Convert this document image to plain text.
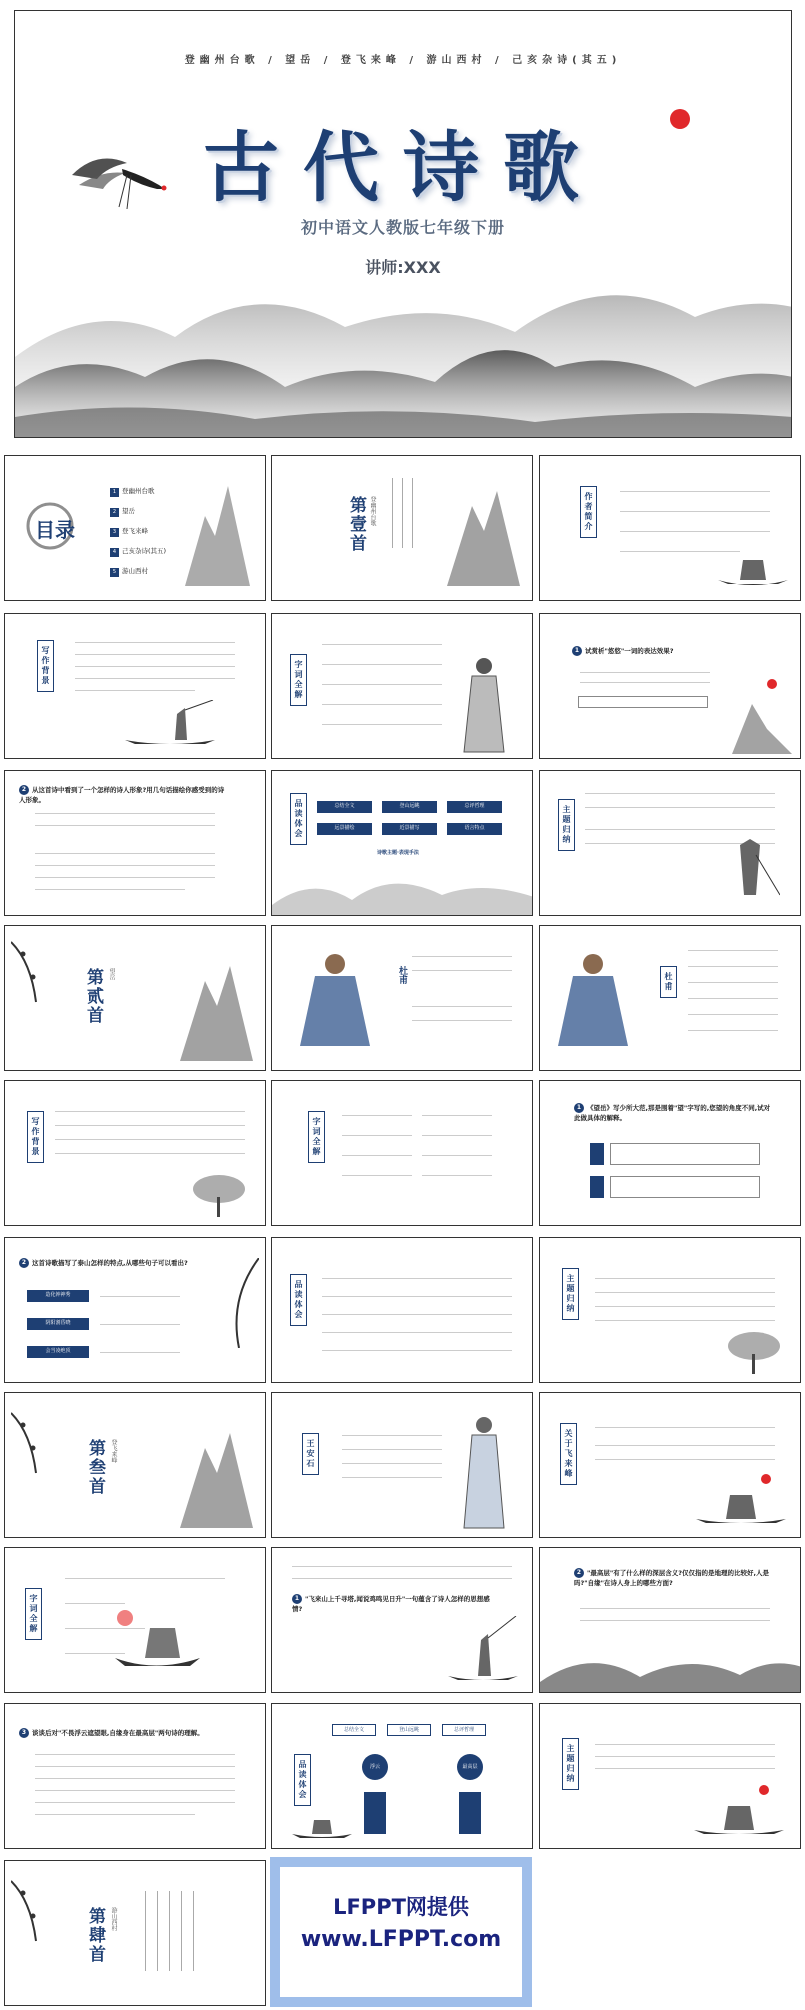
登幽州台歌 / 望岳 / 登飞来峰 / 游山西村 / 己亥杂诗(其五)
古代诗歌
初中语文人教版七年级下册
讲师:XXX
目录
1 登幽州台歌
2 望岳
3 登飞来峰
4 己亥杂诗(其五)
5 游山西村
第壹首 登幽州台歌	作者简介
写作背景	字词全解
1 试赏析"悠悠"一词的表达效果?
2 从这首诗中看到了一个怎样的诗人形象?用几句话描绘你感受到的诗人形象。	品读体会	总结全文	登山远眺	总评哲理
远景描绘	近景描写	语言特点
诗歌主题·表现手法
主题归纳
第贰首 望岳	杜甫	杜甫
写作背景	字词全解
1 《望岳》写少所大范,那是围着"望"字写的,您望的角度不同,试对此做具体的解释。
2 这首诗歌描写了泰山怎样的特点,从哪些句子可以看出?
造化钟神秀
阴阳割昏晓
会当凌绝顶
品读体会	主题归纳
第叁首 登飞来峰	王安石	关于飞来峰
字词全解	1 "飞来山上千寻塔,闻说鸡鸣见日升"一句蕴含了诗人怎样的思想感情?
2 "最高层"有了什么样的深层含义?仅仅指的是地理的比较好,人是吗?"自缘"在诗人身上的哪些方面?
3 谈谈后对"不畏浮云遮望眼,自缘身在最高层"两句诗的理解。	总结全文	登山远眺	总评哲理
品读体会	浮云	最高层	主题归纳
第肆首 游山西村	LFPPT网提供
www.LFPPT.com
